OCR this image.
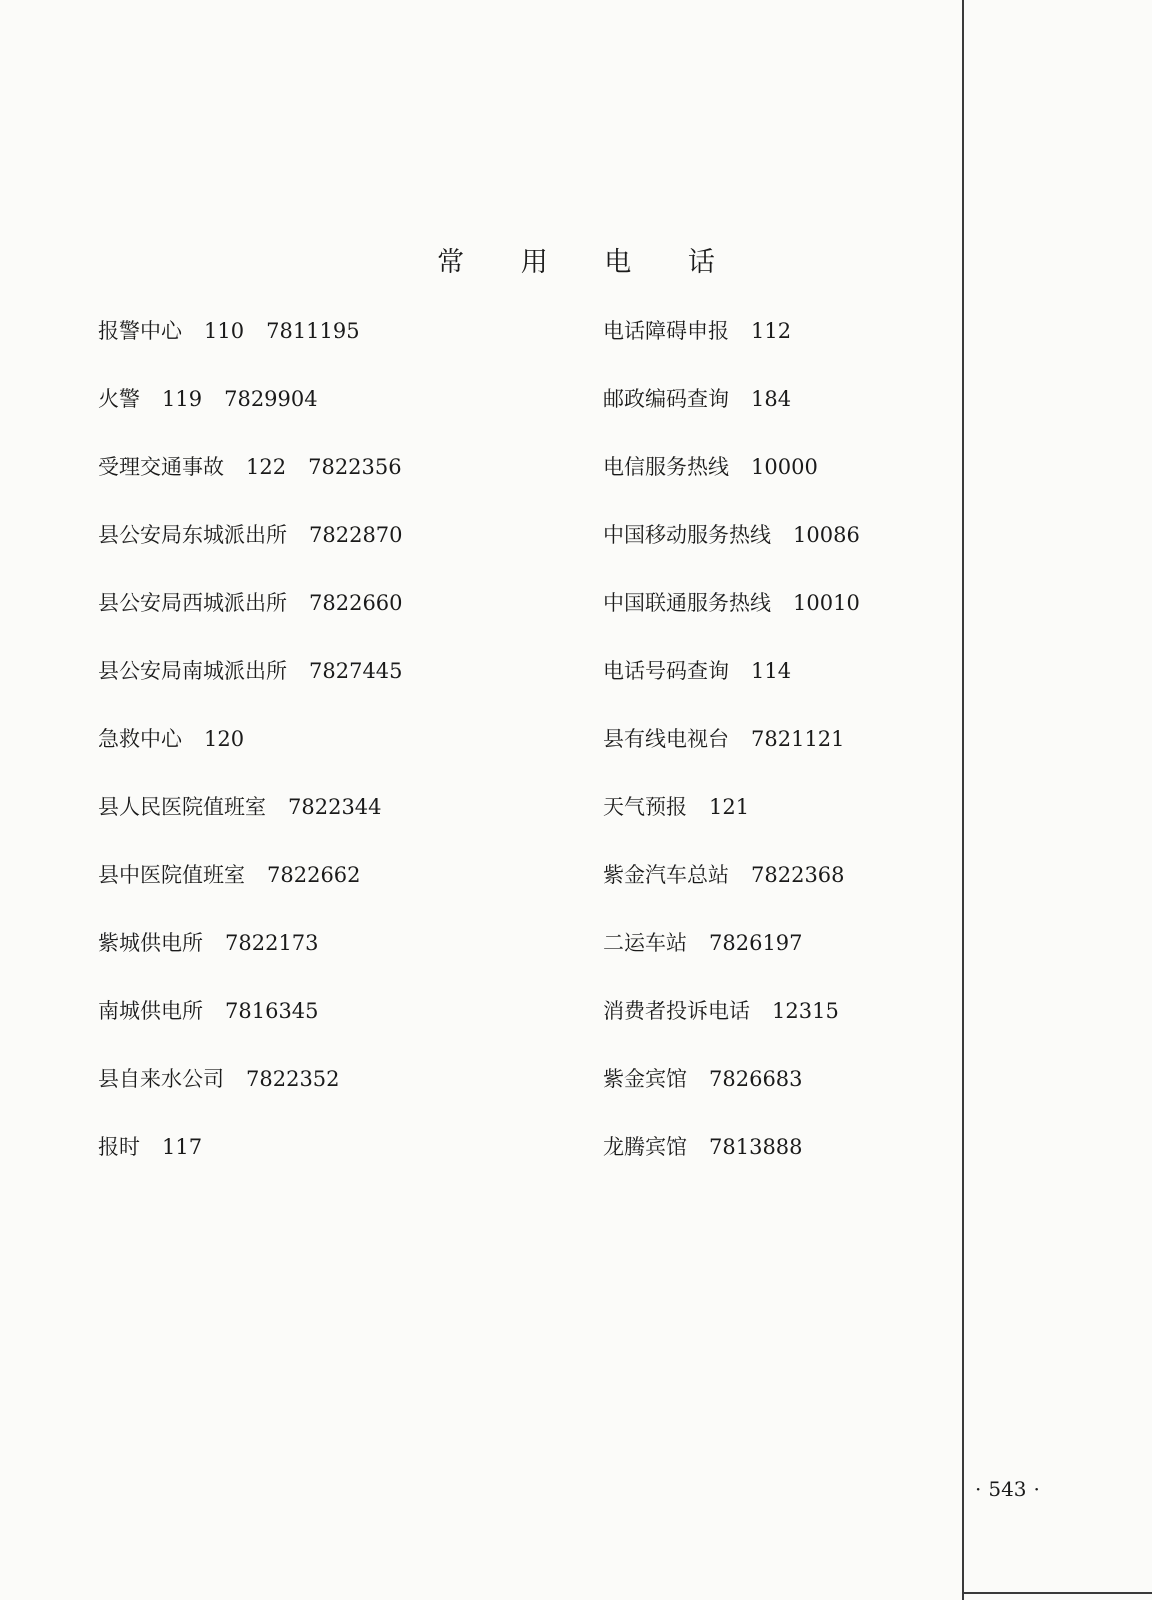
常 用 电 话
报警中心 110 7811195
火警 119 7829904
受理交通事故 122 7822356
县公安局东城派出所 7822870
县公安局西城派出所 7822660
县公安局南城派出所 7827445
急救中心 120
县人民医院值班室 7822344
县中医院值班室 7822662
紫城供电所 7822173
南城供电所 7816345
县自来水公司 7822352
报时 117
电话障碍申报 112
邮政编码查询 184
电信服务热线 10000
中国移动服务热线 10086
中国联通服务热线 10010
电话号码查询 114
县有线电视台 7821121
天气预报 121
紫金汽车总站 7822368
二运车站 7826197
消费者投诉电话 12315
紫金宾馆 7826683
龙腾宾馆 7813888
· 543 ·
